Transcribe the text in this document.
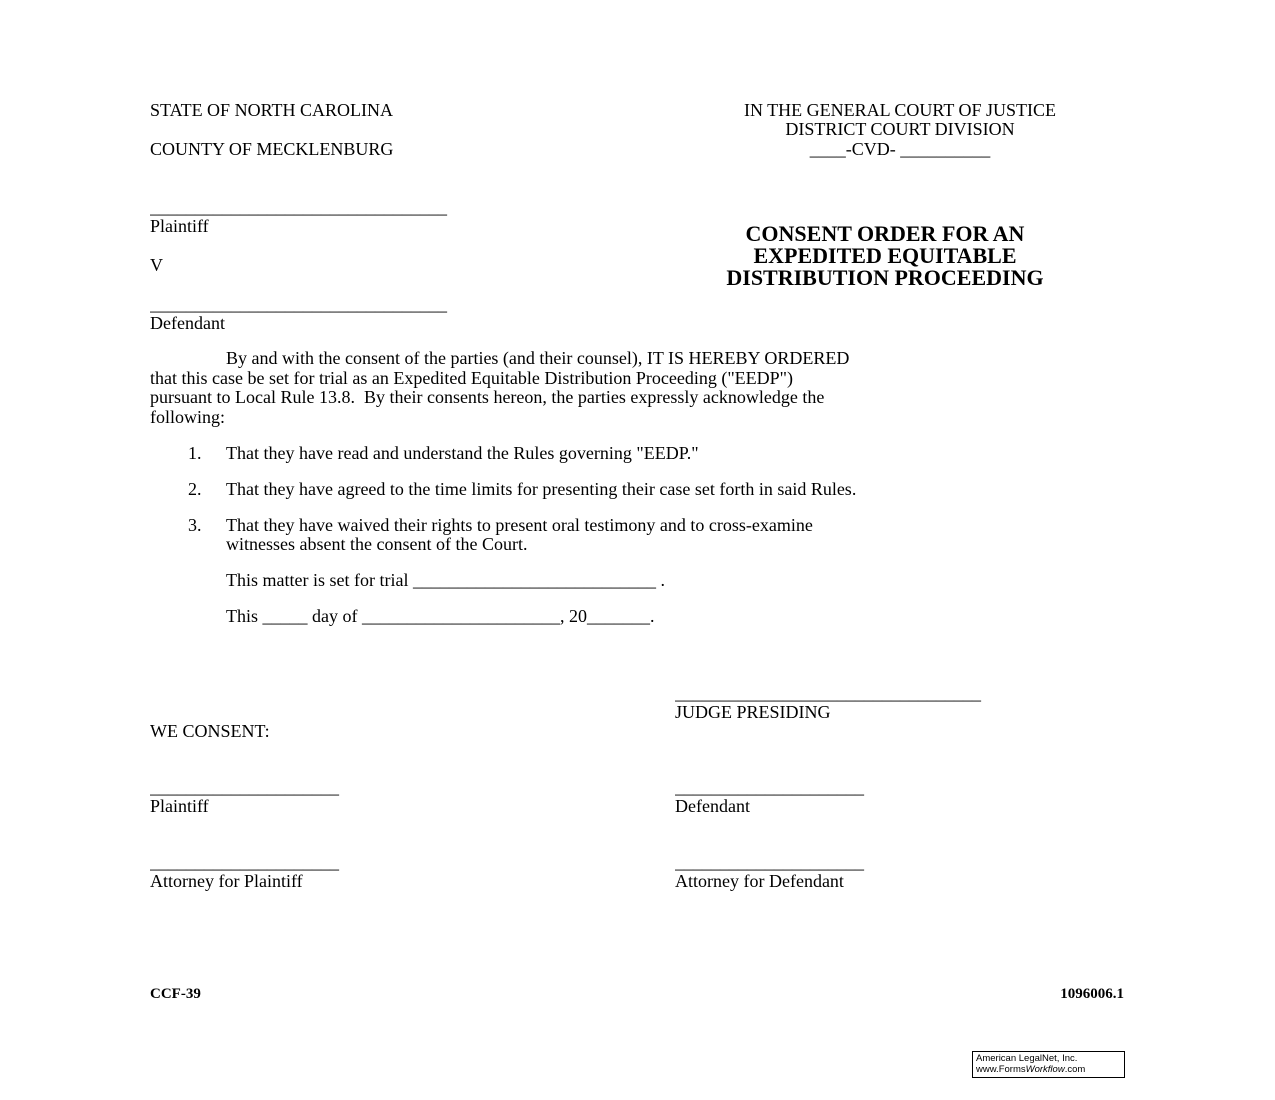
STATE OF NORTH CAROLINA
COUNTY OF MECKLENBURG
IN THE GENERAL COURT OF JUSTICE
DISTRICT COURT DIVISION
____-CVD- __________
_________________________________
Plaintiff
V
_________________________________
Defendant
CONSENT ORDER FOR AN
EXPEDITED EQUITABLE
DISTRIBUTION PROCEEDING
By and with the consent of the parties (and their counsel), IT IS HEREBY ORDERED
that this case be set for trial as an Expedited Equitable Distribution Proceeding ("EEDP")
pursuant to Local Rule 13.8.  By their consents hereon, the parties expressly acknowledge the
following:
1. That they have read and understand the Rules governing "EEDP."
2. That they have agreed to the time limits for presenting their case set forth in said Rules.
3. That they have waived their rights to present oral testimony and to cross-examine
witnesses absent the consent of the Court.
This matter is set for trial ___________________________ .
This _____ day of ______________________, 20_______.
__________________________________
JUDGE PRESIDING
WE CONSENT:
_____________________
Plaintiff
_____________________
Defendant
_____________________
Attorney for Plaintiff
_____________________
Attorney for Defendant
CCF-39	1096006.1
American LegalNet, Inc.
www.FormsWorkflow.com
